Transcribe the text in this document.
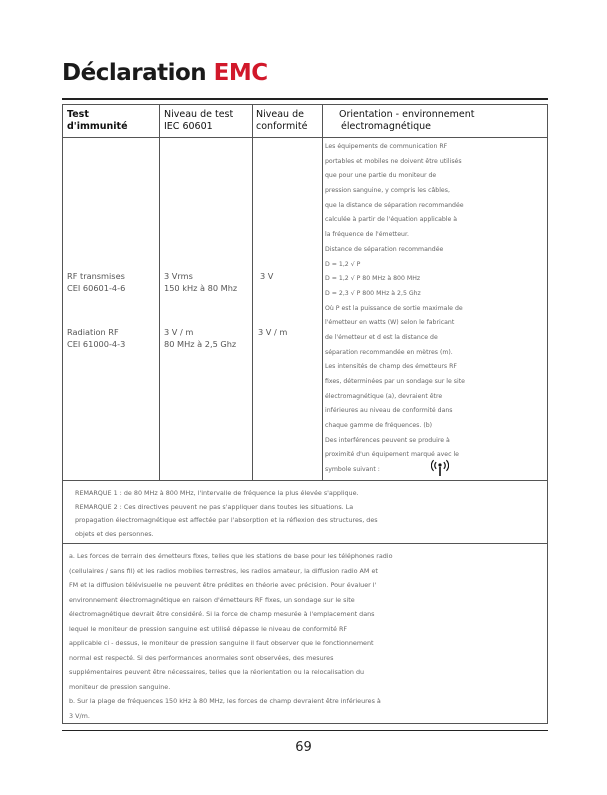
Déclaration EMC
Test
d'immunité
Niveau de test
IEC 60601
Niveau de
conformité
Orientation - environnement
électromagnétique
RF transmises
CEI 60601-4-6
3 Vrms
150 kHz à 80 Mhz
3 V
Radiation RF
CEI 61000-4-3
3 V / m
80 MHz à 2,5 Ghz
3 V / m
Les équipements de communication RF
portables et mobiles ne doivent être utilisés
que pour une partie du moniteur de
pression sanguine, y compris les câbles,
que la distance de séparation recommandée
calculée à partir de l'équation applicable à
la fréquence de l'émetteur.
Distance de séparation recommandée
D = 1,2 √ P
D = 1,2 √ P 80 MHz à 800 MHz
D = 2,3 √ P 800 MHz à 2,5 Ghz
Où P est la puissance de sortie maximale de
l'émetteur en watts (W) selon le fabricant
de l'émetteur et d est la distance de
séparation recommandée en mètres (m).
Les intensités de champ des émetteurs RF
fixes, déterminées par un sondage sur le site
électromagnétique (a), devraient être
inférieures au niveau de conformité dans
chaque gamme de fréquences. (b)
Des interférences peuvent se produire à
proximité d'un équipement marqué avec le
symbole suivant :
REMARQUE 1 : de 80 MHz à 800 MHz, l'intervalle de fréquence la plus élevée s'applique.
REMARQUE 2 : Ces directives peuvent ne pas s'appliquer dans toutes les situations. La
propagation électromagnétique est affectée par l'absorption et la réflexion des structures, des
objets et des personnes.
a. Les forces de terrain des émetteurs fixes, telles que les stations de base pour les téléphones radio
(cellulaires / sans fil) et les radios mobiles terrestres, les radios amateur, la diffusion radio AM et
FM et la diffusion télévisuelle ne peuvent être prédites en théorie avec précision. Pour évaluer l'
environnement électromagnétique en raison d'émetteurs RF fixes, un sondage sur le site
électromagnétique devrait être considéré. Si la force de champ mesurée à l'emplacement dans
lequel le moniteur de pression sanguine est utilisé dépasse le niveau de conformité RF
applicable ci - dessus, le moniteur de pression sanguine il faut observer que le fonctionnement
normal est respecté. Si des performances anormales sont observées, des mesures
supplémentaires peuvent être nécessaires, telles que la réorientation ou la relocalisation du
moniteur de pression sanguine.
b. Sur la plage de fréquences 150 kHz à 80 MHz, les forces de champ devraient être inférieures à
3 V/m.
69
